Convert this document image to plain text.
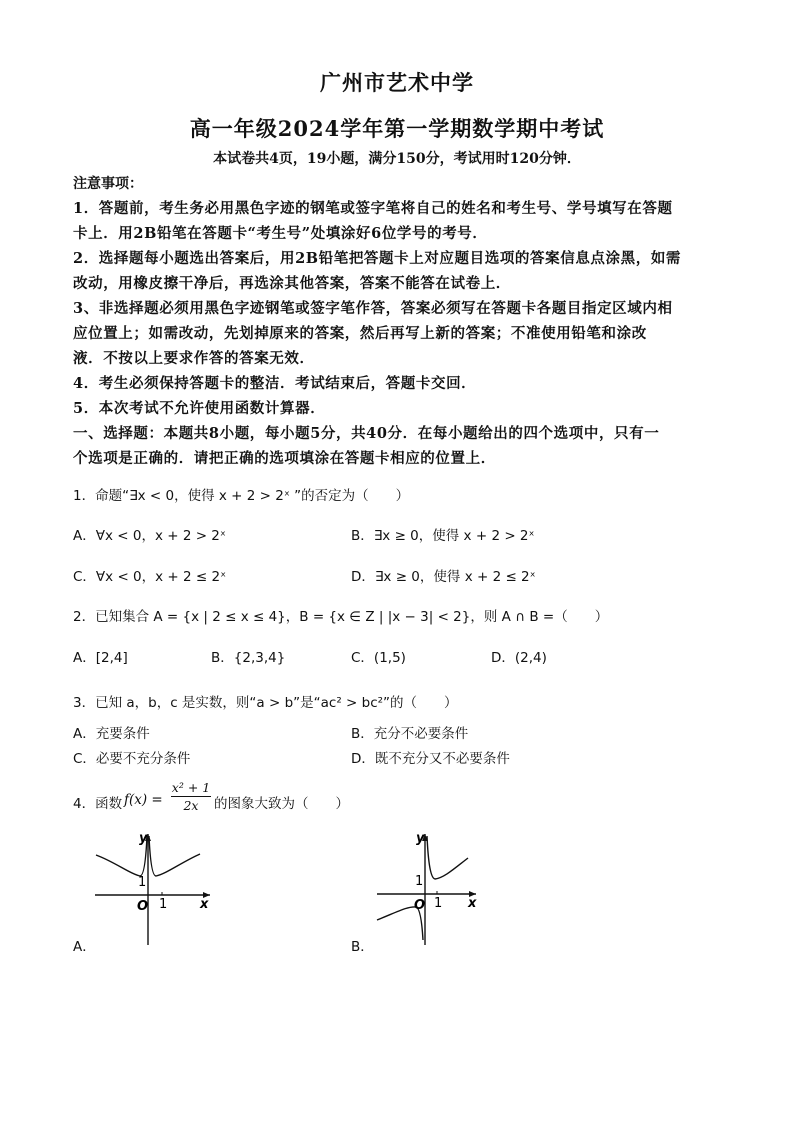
广州市艺术中学
高一年级2024学年第一学期数学期中考试
本试卷共4页，19小题，满分150分，考试用时120分钟．
注意事项：
1．答题前，考生务必用黑色字迹的钢笔或签字笔将自己的姓名和考生号、学号填写在答题
卡上．用2B铅笔在答题卡“考生号”处填涂好6位学号的考号．
2．选择题每小题选出答案后，用2B铅笔把答题卡上对应题目选项的答案信息点涂黑，如需
改动，用橡皮擦干净后，再选涂其他答案，答案不能答在试卷上．
3、非选择题必须用黑色字迹钢笔或签字笔作答，答案必须写在答题卡各题目指定区域内相
应位置上；如需改动，先划掉原来的答案，然后再写上新的答案；不准使用铅笔和涂改
液．不按以上要求作答的答案无效．
4．考生必须保持答题卡的整洁．考试结束后，答题卡交回．
5．本次考试不允许使用函数计算器．
一、选择题：本题共8小题，每小题5分，共40分．在每小题给出的四个选项中，只有一
个选项是正确的．请把正确的选项填涂在答题卡相应的位置上．
1．命题“∃x < 0，使得 x + 2 > 2ˣ ”的否定为（　　）
A．∀x < 0，x + 2 > 2ˣ	B．∃x ≥ 0，使得 x + 2 > 2ˣ
C．∀x < 0，x + 2 ≤ 2ˣ	D．∃x ≥ 0，使得 x + 2 ≤ 2ˣ
2．已知集合 A = {x | 2 ≤ x ≤ 4}，B = {x ∈ Z | |x − 3| < 2}，则 A ∩ B =（　　）
A．[2,4]	B．{2,3,4}	C．(1,5)	D．(2,4)
3．已知 a，b，c 是实数，则“a > b”是“ac² > bc²”的（　　）
A．充要条件	B．充分不必要条件
C．必要不充分条件	D．既不充分又不必要条件
4．函数 $f(x) = \frac{\text{x² + 1}}{2x}$ 的图象大致为（　　）
y
x
O 1
1
A．
y
x
O 1
1
B．
